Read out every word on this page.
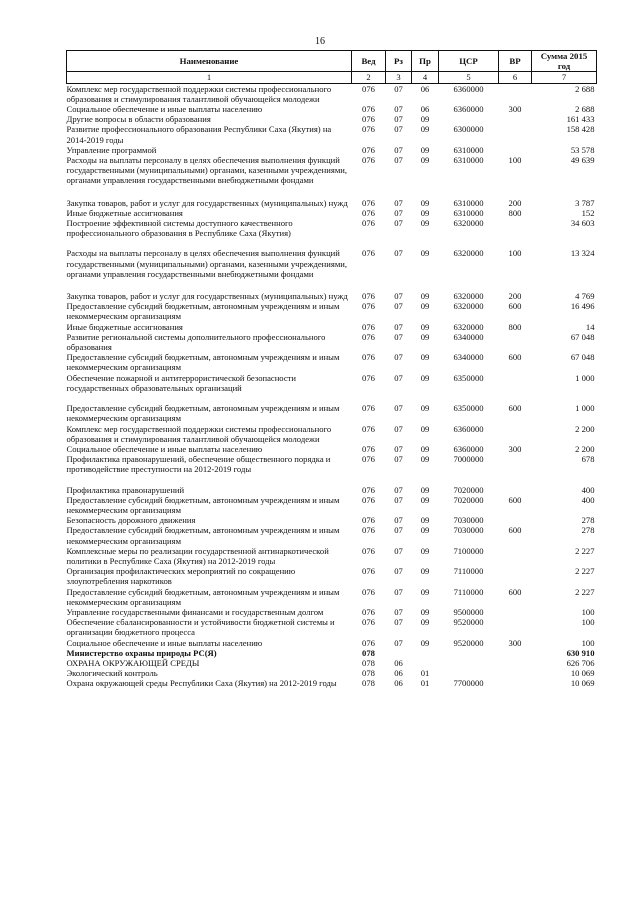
16
Наименование	Вед	Рз	Пр	ЦСР	ВР	Сумма 2015 год
1	2	3	4	5	6	7
Комплекс мер государственной поддержки системы профессионального образования и стимулирования талантливой обучающейся молодежи	076	07	06	6360000		2 688
Социальное обеспечение и иные выплаты населению	076	07	06	6360000	300	2 688
Другие вопросы в области образования	076	07	09			161 433
Развитие профессионального образования Республики Саха (Якутия) на 2014-2019 годы	076	07	09	6300000		158 428
Управление программой	076	07	09	6310000		53 578
Расходы на выплаты персоналу в целях обеспечения выполнения функций государственными (муниципальными) органами, казенными учреждениями, органами управления государственными внебюджетными фондами	076	07	09	6310000	100	49 639
Закупка товаров, работ и услуг для государственных (муниципальных) нужд	076	07	09	6310000	200	3 787
Иные бюджетные ассигнования	076	07	09	6310000	800	152
Построение эффективной системы доступного качественного профессионального образования в Республике Саха (Якутия)	076	07	09	6320000		34 603
Расходы на выплаты персоналу в целях обеспечения выполнения функций государственными (муниципальными) органами, казенными учреждениями, органами управления государственными внебюджетными фондами	076	07	09	6320000	100	13 324
Закупка товаров, работ и услуг для государственных (муниципальных) нужд	076	07	09	6320000	200	4 769
Предоставление субсидий бюджетным, автономным учреждениям и иным некоммерческим организациям	076	07	09	6320000	600	16 496
Иные бюджетные ассигнования	076	07	09	6320000	800	14
Развитие региональной системы дополнительного профессионального образования	076	07	09	6340000		67 048
Предоставление субсидий бюджетным, автономным учреждениям и иным некоммерческим организациям	076	07	09	6340000	600	67 048
Обеспечение пожарной и антитеррористической безопасности государственных образовательных организаций	076	07	09	6350000		1 000
Предоставление субсидий бюджетным, автономным учреждениям и иным некоммерческим организациям	076	07	09	6350000	600	1 000
Комплекс мер государственной поддержки системы профессионального образования и стимулирования талантливой обучающейся молодежи	076	07	09	6360000		2 200
Социальное обеспечение и иные выплаты населению	076	07	09	6360000	300	2 200
Профилактика правонарушений, обеспечение общественного порядка и противодействие преступности на 2012-2019 годы	076	07	09	7000000		678
Профилактика правонарушений	076	07	09	7020000		400
Предоставление субсидий бюджетным, автономным учреждениям и иным некоммерческим организациям	076	07	09	7020000	600	400
Безопасность дорожного движения	076	07	09	7030000		278
Предоставление субсидий бюджетным, автономным учреждениям и иным некоммерческим организациям	076	07	09	7030000	600	278
Комплексные меры по реализации государственной антинаркотической политики в Республике Саха (Якутия) на 2012-2019 годы	076	07	09	7100000		2 227
Организация профилактических мероприятий по сокращению злоупотребления наркотиков	076	07	09	7110000		2 227
Предоставление субсидий бюджетным, автономным учреждениям и иным некоммерческим организациям	076	07	09	7110000	600	2 227
Управление государственными финансами и государственным долгом	076	07	09	9500000		100
Обеспечение сбалансированности и устойчивости бюджетной системы и организации бюджетного процесса	076	07	09	9520000		100
Социальное обеспечение и иные выплаты населению	076	07	09	9520000	300	100
Министерство охраны природы РС(Я)	078					630 910
ОХРАНА ОКРУЖАЮЩЕЙ СРЕДЫ	078	06				626 706
Экологический контроль	078	06	01			10 069
Охрана окружающей среды Республики Саха (Якутия) на 2012-2019 годы	078	06	01	7700000		10 069
